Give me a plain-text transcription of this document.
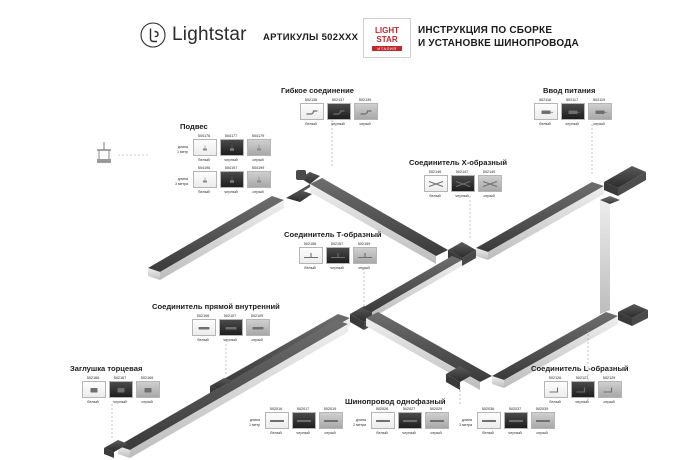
Lightstar АРТИКУЛЫ 502XXX
LIGHT
STAR
ИТАЛИЯ
ИНСТРУКЦИЯ ПО СБОРКЕ
И УСТАНОВКЕ ШИНОПРОВОДА
Подвес
длина
1 метр
504176
белый
504177
черный
504179
серый
длина
3 метра
504196
белый
504197
черный
504199
серый
Гибкое соединение
502136
белый
502137
черный
502139
серый
Ввод питания
502116
белый
502117
черный
502119
серый
Соединитель X-образный
502146
белый
502147
черный
502149
серый
Соединитель Т-образный
502156
белый
502157
черный
502159
серый
Соединитель прямой внутренний
502106
белый
502107
черный
502109
серый
Заглушка торцевая
502166
белый
502167
черный
502169
серый
Соединитель L-образный
502126
белый
502127
черный
502129
серый
Шинопровод однофазный
длина
1 метр
502016
белый
502017
черный
502019
серый
длина
2 метра
502026
белый
502027
черный
502029
серый
длина
3 метра
502036
белый
502037
черный
502039
серый
